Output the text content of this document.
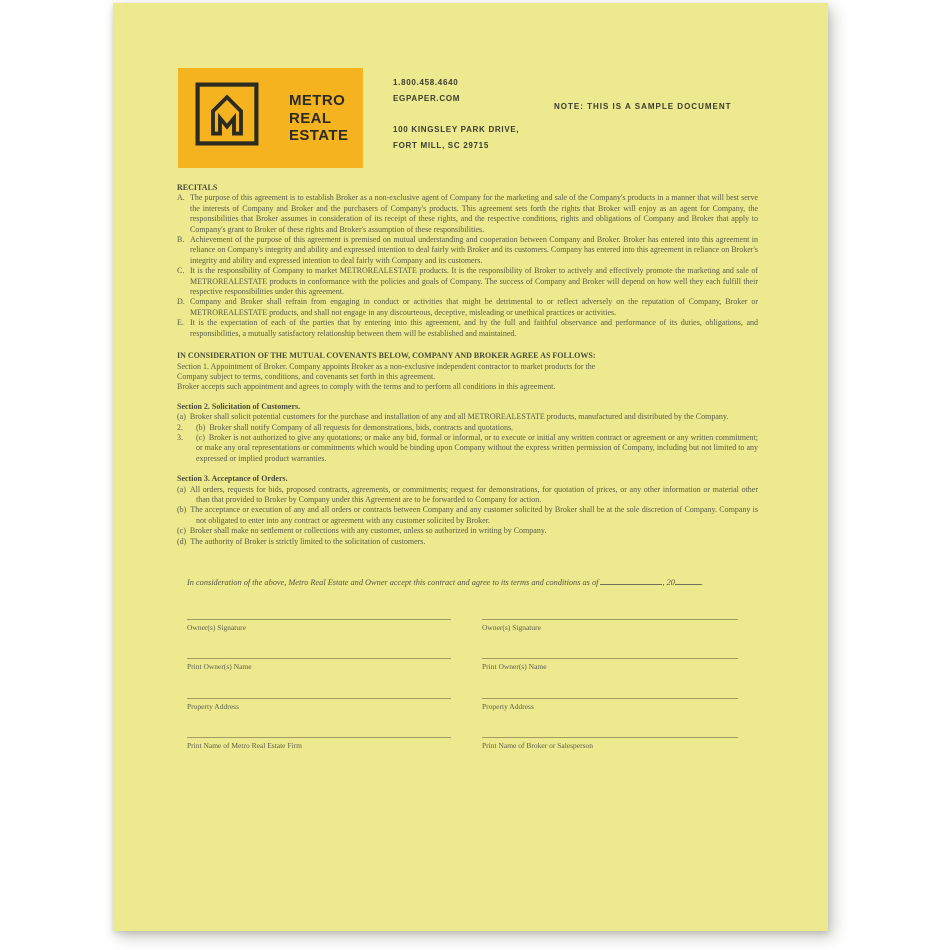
METRO
REAL
ESTATE
1.800.458.4640
EGPAPER.COM
100 KINGSLEY PARK DRIVE,
FORT MILL, SC 29715
NOTE: THIS IS A SAMPLE DOCUMENT
RECITALS
A. The purpose of this agreement is to establish Broker as a non-exclusive agent of Company for the marketing and sale of the Company's products in a manner that will best serve the interests of Company and Broker and the purchasers of Company's products. This agreement sets forth the rights that Broker will enjoy as an agent for Company, the responsibilities that Broker assumes in consideration of its receipt of these rights, and the respective conditions, rights and obligations of Company and Broker that apply to Company's grant to Broker of these rights and Broker's assumption of these responsibilities.
B. Achievement of the purpose of this agreement is premised on mutual understanding and cooperation between Company and Broker. Broker has entered into this agreement in reliance on Company's integrity and ability and expressed intention to deal fairly with Broker and its customers. Company has entered into this agreement in reliance on Broker's integrity and ability and expressed intention to deal fairly with Company and its customers.
C. It is the responsibility of Company to market METROREALESTATE products. It is the responsibility of Broker to actively and effectively promote the marketing and sale of METROREALESTATE products in conformance with the policies and goals of Company. The success of Company and Broker will depend on how well they each fulfill their respective responsibilities under this agreement.
D. Company and Broker shall refrain from engaging in conduct or activities that might be detrimental to or reflect adversely on the reputation of Company, Broker or METROREALESTATE products, and shall not engage in any discourteous, deceptive, misleading or unethical practices or activities.
E. It is the expectation of each of the parties that by entering into this agreement, and by the full and faithful observance and performance of its duties, obligations, and responsibilities, a mutually satisfactory relationship between them will be established and maintained.
IN CONSIDERATION OF THE MUTUAL COVENANTS BELOW, COMPANY AND BROKER AGREE AS FOLLOWS:
Section 1. Appointment of Broker. Company appoints Broker as a non-exclusive independent contractor to market products for the
Company subject to terms, conditions, and covenants set forth in this agreement.
Broker accepts such appointment and agrees to comply with the terms and to perform all conditions in this agreement.
Section 2. Solicitation of Customers.
(a) Broker shall solicit potential customers for the purchase and installation of any and all METROREALESTATE products, manufactured and distributed by the Company.
2. (b) Broker shall notify Company of all requests for demonstrations, bids, contracts and quotations.
3. (c) Broker is not authorized to give any quotations; or make any bid, formal or informal, or to execute or initial any written contract or agreement or any written commitment; or make any oral representations or commitments which would be binding upon Company without the express written permission of Company, including but not limited to any expressed or implied product warranties.
Section 3. Acceptance of Orders.
(a) All orders, requests for bids, proposed contracts, agreements, or commitments; request for demonstrations, for quotation of prices, or any other information or material other than that provided to Broker by Company under this Agreement are to be forwarded to Company for action.
(b) The acceptance or execution of any and all orders or contracts between Company and any customer solicited by Broker shall be at the sole discretion of Company. Company is not obligated to enter into any contract or agreement with any customer solicited by Broker.
(c) Broker shall make no settlement or collections with any customer, unless so authorized in writing by Company.
(d) The authority of Broker is strictly limited to the solicitation of customers.
In consideration of the above, Metro Real Estate and Owner accept this contract and agree to its terms and conditions as of	, 20	.
Owner(s) Signature
Print Owner(s) Name
Property Address
Print Name of Metro Real Estate Firm
Owner(s) Signature
Print Owner(s) Name
Property Address
Print Name of Broker or Salesperson
